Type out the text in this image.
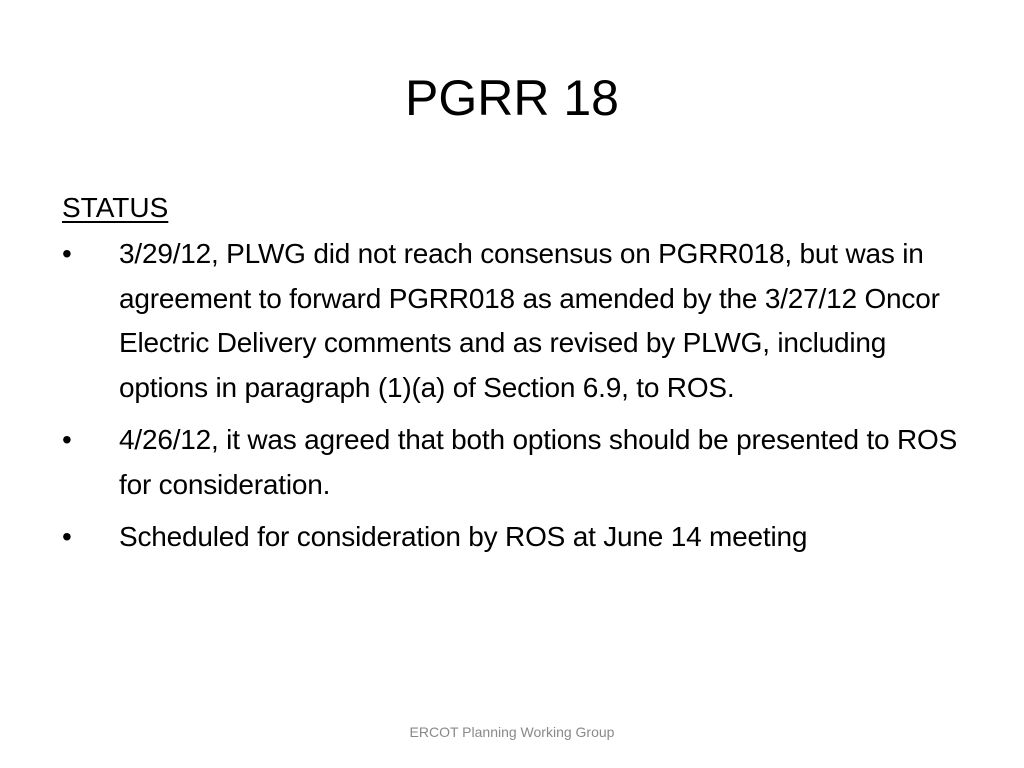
PGRR 18

STATUS

•	3/29/12, PLWG did not reach consensus on PGRR018, but was in agreement to forward PGRR018 as amended by the 3/27/12 Oncor Electric Delivery comments and as revised by PLWG, including options in paragraph (1)(a) of Section 6.9, to ROS.
•	4/26/12, it was agreed that both options should be presented to ROS for consideration.
•	Scheduled for consideration by ROS at June 14 meeting
ERCOT Planning Working Group
